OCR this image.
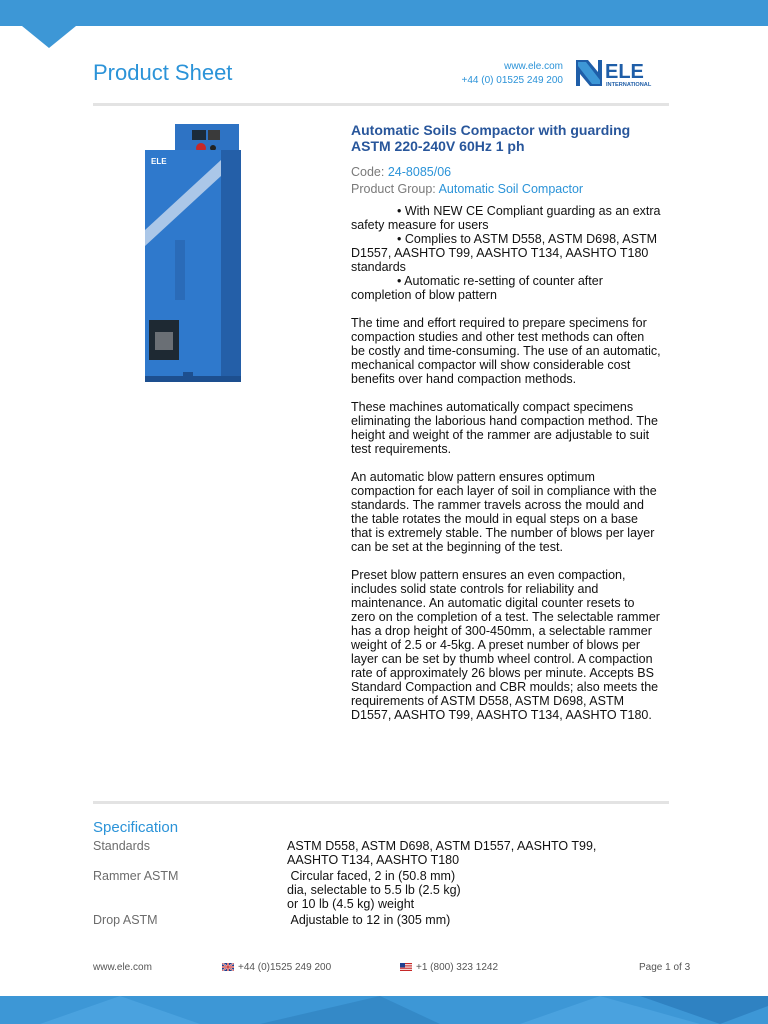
Product Sheet	www.ele.com
+44 (0) 01525 249 200 ELE
INTERNATIONAL
ELE
Automatic Soils Compactor with guarding ASTM 220-240V 60Hz 1 ph
Code: 24-8085/06
Product Group: Automatic Soil Compactor
• With NEW CE Compliant guarding as an extra safety measure for users
• Complies to ASTM D558, ASTM D698, ASTM D1557, AASHTO T99, AASHTO T134, AASHTO T180 standards
• Automatic re-setting of counter after completion of blow pattern
The time and effort required to prepare specimens for compaction studies and other test methods can often be costly and time-consuming. The use of an automatic, mechanical compactor will show considerable cost benefits over hand compaction methods.
These machines automatically compact specimens eliminating the laborious hand compaction method. The height and weight of the rammer are adjustable to suit test requirements.
An automatic blow pattern ensures optimum compaction for each layer of soil in compliance with the standards. The rammer travels across the mould and the table rotates the mould in equal steps on a base that is extremely stable. The number of blows per layer can be set at the beginning of the test.
Preset blow pattern ensures an even compaction, includes solid state controls for reliability and maintenance. An automatic digital counter resets to zero on the completion of a test. The selectable rammer has a drop height of 300-450mm, a selectable rammer weight of 2.5 or 4-5kg. A preset number of blows per layer can be set by thumb wheel control. A compaction rate of approximately 26 blows per minute. Accepts BS Standard Compaction and CBR moulds; also meets the requirements of ASTM D558, ASTM D698, ASTM D1557, AASHTO T99, AASHTO T134, AASHTO T180.
Specification
Standards	ASTM D558, ASTM D698, ASTM D1557, AASHTO T99, AASHTO T134, AASHTO T180
Rammer ASTM	Circular faced, 2 in (50.8 mm) dia, selectable to 5.5 lb (2.5 kg) or 10 lb (4.5 kg) weight
Drop ASTM	Adjustable to 12 in (305 mm)
www.ele.com	+44 (0)1525 249 200	+1 (800) 323 1242	Page 1 of 3
